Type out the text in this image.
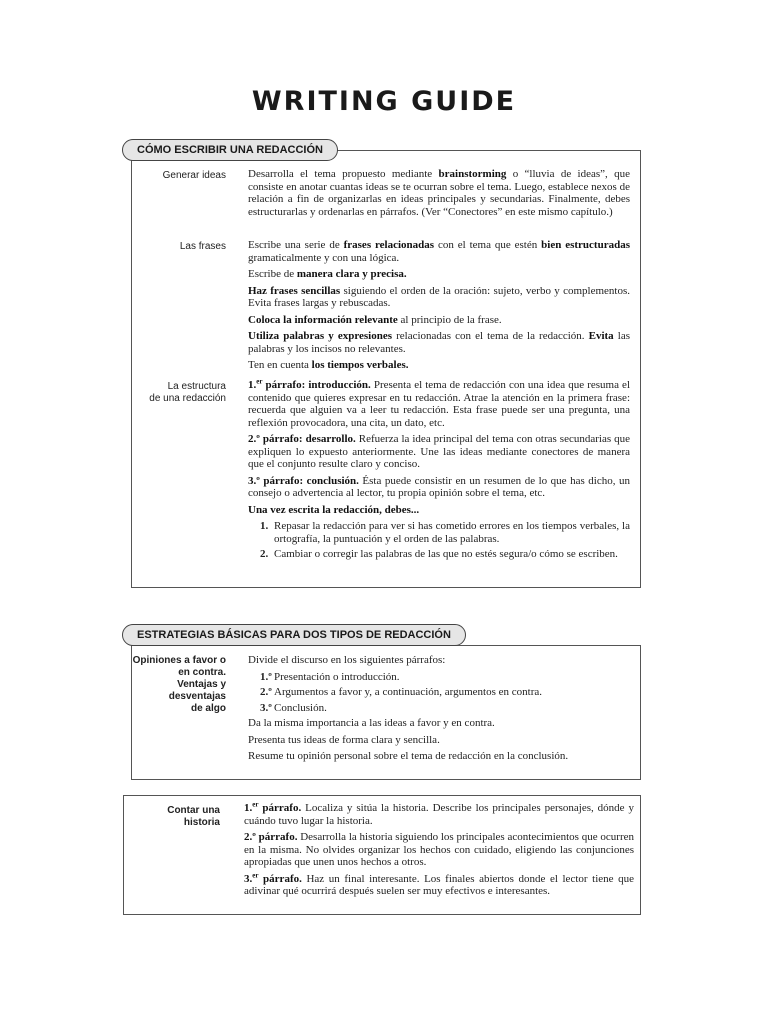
WRITING GUIDE
CÓMO ESCRIBIR UNA REDACCIÓN
Generar ideas Desarrolla el tema propuesto mediante brainstorming o “lluvia de ideas”, que consiste en anotar cuantas ideas se te ocurran sobre el tema. Luego, establece nexos de relación a fin de organizarlas en ideas principales y secundarias. Finalmente, debes estructurarlas y ordenarlas en párrafos. (Ver “Conectores” en este mismo capítulo.)

Las frases Escribe una serie de frases relacionadas con el tema que estén bien estructuradas gramaticalmente y con una lógica.

Escribe de manera clara y precisa.

Haz frases sencillas siguiendo el orden de la oración: sujeto, verbo y complementos. Evita frases largas y rebuscadas.

Coloca la información relevante al principio de la frase.

Utiliza palabras y expresiones relacionadas con el tema de la redacción. Evita las palabras y los incisos no relevantes.

Ten en cuenta los tiempos verbales.

La estructura
de una redacción

1.$^{er}$ párrafo: introducción. Presenta el tema de redacción con una idea que resuma el contenido que quieres expresar en tu redacción. Atrae la atención en la primera frase: recuerda que alguien va a leer tu redacción. Esta frase puede ser una pregunta, una reflexión provocadora, una cita, un dato, etc.

2.º párrafo: desarrollo. Refuerza la idea principal del tema con otras secundarias que expliquen lo expuesto anteriormente. Une las ideas mediante conectores de manera que el conjunto resulte claro y conciso.

3.º párrafo: conclusión. Ésta puede consistir en un resumen de lo que has dicho, un consejo o advertencia al lector, tu propia opinión sobre el tema, etc.

Una vez escrita la redacción, debes...

1. Repasar la redacción para ver si has cometido errores en los tiempos verbales, la ortografía, la puntuación y el orden de las palabras.
2. Cambiar o corregir las palabras de las que no estés segura/o cómo se escriben.
ESTRATEGIAS BÁSICAS PARA DOS TIPOS DE REDACCIÓN
Opiniones a favor o
en contra.
Ventajas y
desventajas
de algo

Divide el discurso en los siguientes párrafos:

1.º Presentación o introducción.
2.º Argumentos a favor y, a continuación, argumentos en contra.
3.º Conclusión.

Da la misma importancia a las ideas a favor y en contra.

Presenta tus ideas de forma clara y sencilla.

Resume tu opinión personal sobre el tema de redacción en la conclusión.

Contar una
historia

1.$^{er}$ párrafo. Localiza y sitúa la historia. Describe los principales personajes, dónde y cuándo tuvo lugar la historia.

2.º párrafo. Desarrolla la historia siguiendo los principales acontecimientos que ocurren en la misma. No olvides organizar los hechos con cuidado, eligiendo las conjunciones apropiadas que unen unos hechos a otros.

3.$^{er}$ párrafo. Haz un final interesante. Los finales abiertos donde el lector tiene que adivinar qué ocurrirá después suelen ser muy efectivos e interesantes.
